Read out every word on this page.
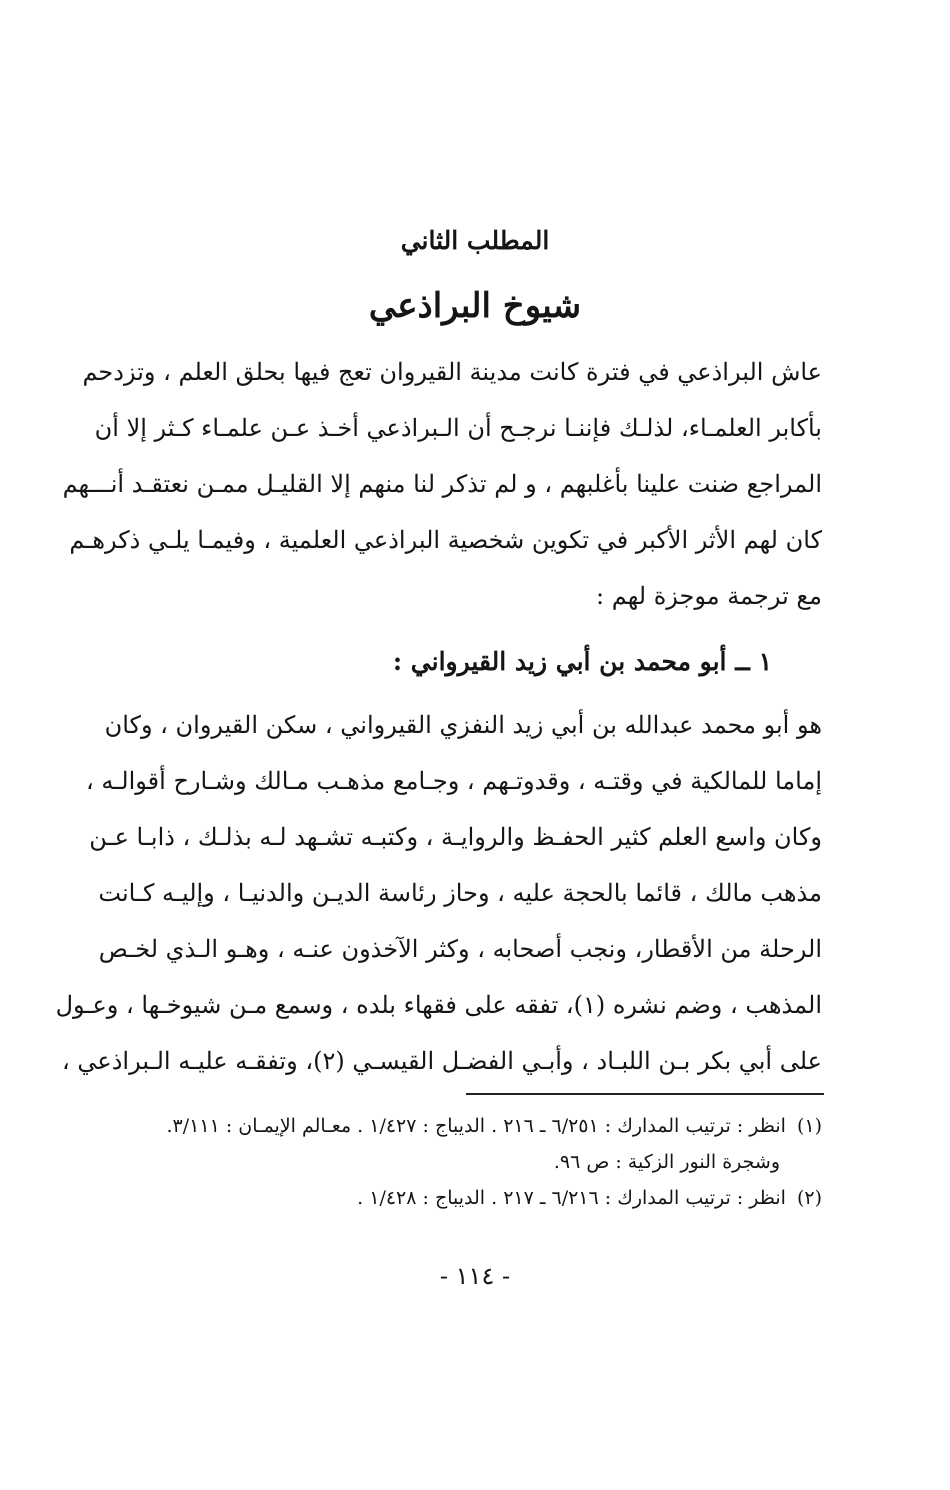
المطلب الثاني
شيوخ البراذعي
عاش البراذعي في فترة كانت مدينة القيروان تعج فيها بحلق العلم ، وتزدحم
بأكابر العلمـاء، لذلـك فإننـا نرجـح أن الـبراذعي أخـذ عـن علمـاء كـثر إلا أن
المراجع ضنت علينا بأغلبهم ، و لم تذكر لنا منهم إلا القليـل ممـن نعتقـد أنـــهم
كان لهم الأثر الأكبر في تكوين شخصية البراذعي العلمية ، وفيمـا يلـي ذكرهـم
مع ترجمة موجزة لهم :
١ ــ أبو محمد بن أبي زيد القيرواني :
هو أبو محمد عبدالله بن أبي زيد النفزي القيرواني ، سكن القيروان ، وكان
إماما للمالكية في وقتـه ، وقدوتـهم ، وجـامع مذهـب مـالك وشـارح أقوالـه ،
وكان واسع العلم كثير الحفـظ والروايـة ، وكتبـه تشـهد لـه بذلـك ، ذابـا عـن
مذهب مالك ، قائما بالحجة عليه ، وحاز رئاسة الديـن والدنيـا ، وإليـه كـانت
الرحلة من الأقطار، ونجب أصحابه ، وكثر الآخذون عنـه ، وهـو الـذي لخـص
المذهب ، وضم نشره (١)، تفقه على فقهاء بلده ، وسمع مـن شيوخـها ، وعـول
على أبي بكر بـن اللبـاد ، وأبـي الفضـل القيسـي (٢)، وتفقـه عليـه الـبراذعي ،
(١) انظر : ترتيب المدارك : ٦/٢٥١ ـ ٢١٦ . الديباج : ١/٤٢٧ . معـالم الإيمـان : ٣/١١١.
وشجرة النور الزكية : ص ٩٦.
(٢) انظر : ترتيب المدارك : ٦/٢١٦ ـ ٢١٧ . الديباج : ١/٤٢٨ .
- ١١٤ -
